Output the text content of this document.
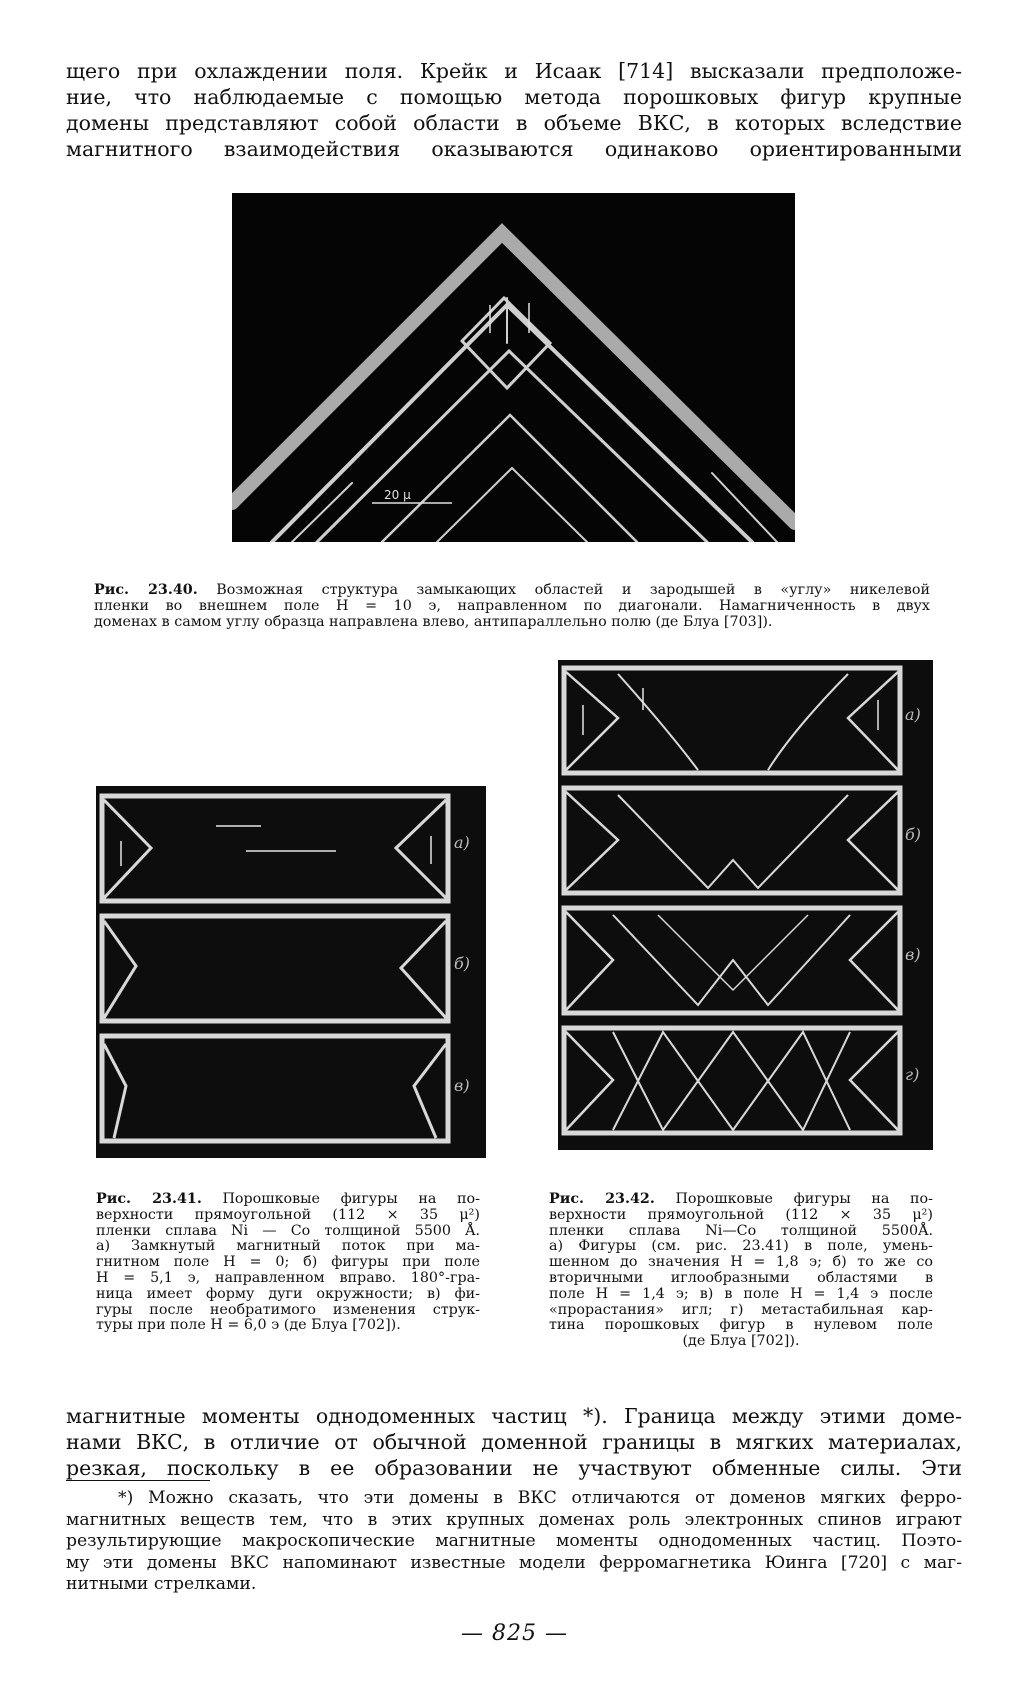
щего при охлаждении поля. Крейк и Исаак [714] высказали предположе-
ние, что наблюдаемые с помощью метода порошковых фигур крупные
домены представляют собой области в объеме ВКС, в которых вследствие
магнитного взаимодействия оказываются одинаково ориентированными
20 μ
Рис. 23.40. Возможная структура замыкающих областей и зародышей в «углу» никелевой
пленки во внешнем поле H = 10 э, направленном по диагонали. Намагниченность в двух
доменах в самом углу образца направлена влево, антипараллельно полю (де Блуа [703]).
а)
б)
в)
Рис. 23.41. Порошковые фигуры на по-
верхности прямоугольной (112 × 35 μ²)
пленки сплава Ni — Co толщиной 5500 Å.
а) Замкнутый магнитный поток при ма-
гнитном поле H = 0; б) фигуры при поле
H = 5,1 э, направленном вправо. 180°-гра-
ница имеет форму дуги окружности; в) фи-
гуры после необратимого изменения струк-
туры при поле H = 6,0 э (де Блуа [702]).
а)
б)
в)
г)
Рис. 23.42. Порошковые фигуры на по-
верхности прямоугольной (112 × 35 μ²)
пленки сплава Ni—Co толщиной 5500Å.
а) Фигуры (см. рис. 23.41) в поле, умень-
шенном до значения H = 1,8 э; б) то же со
вторичными иглообразными областями в
поле H = 1,4 э; в) в поле H = 1,4 э после
«прорастания» игл; г) метастабильная кар-
тина порошковых фигур в нулевом поле
(де Блуа [702]).
магнитные моменты однодоменных частиц *). Граница между этими доме-
нами ВКС, в отличие от обычной доменной границы в мягких материалах,
резкая, поскольку в ее образовании не участвуют обменные силы. Эти
*) Можно сказать, что эти домены в ВКС отличаются от доменов мягких ферро-
магнитных веществ тем, что в этих крупных доменах роль электронных спинов играют
результирующие макроскопические магнитные моменты однодоменных частиц. Поэто-
му эти домены ВКС напоминают известные модели ферромагнетика Юинга [720] с маг-
нитными стрелками.
— 825 —
